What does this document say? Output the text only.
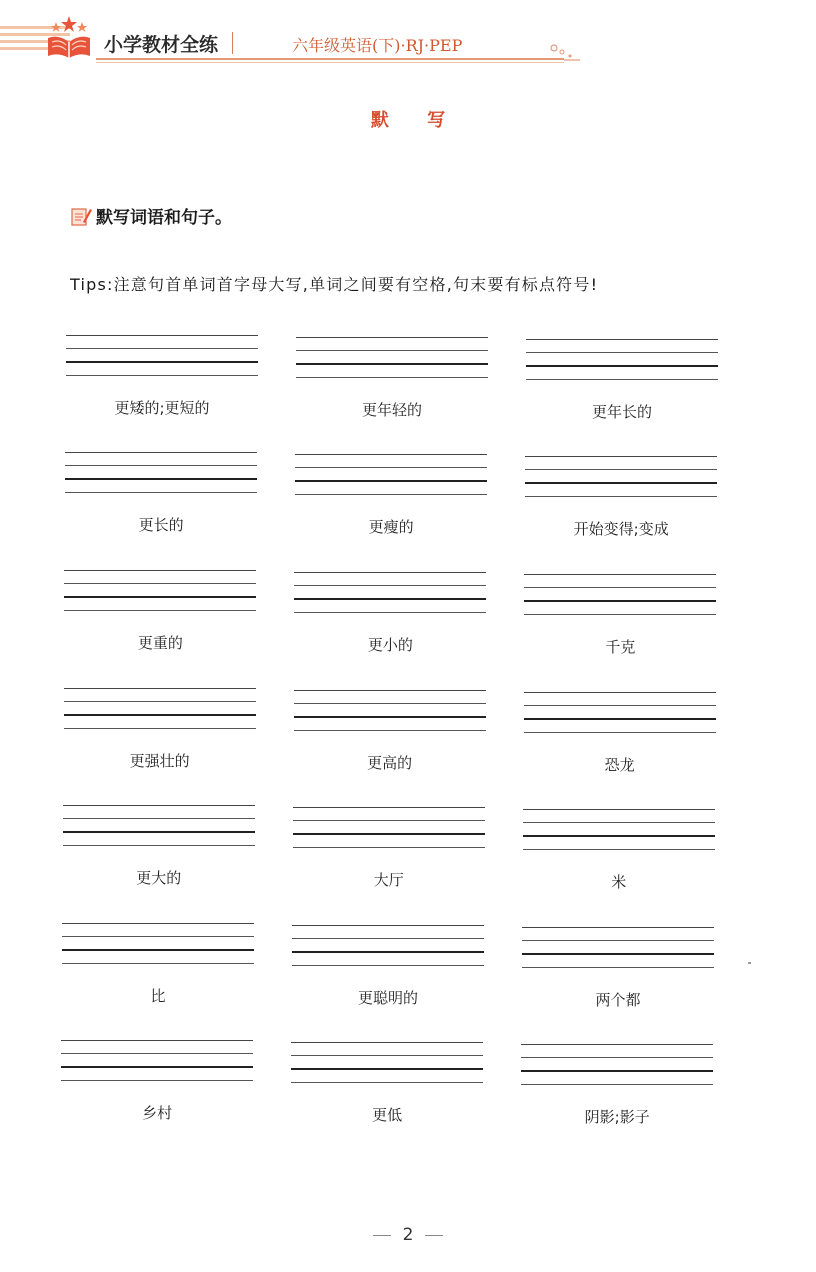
小学教材全练	六年级英语(下)·RJ·PEP
默 写
默写词语和句子。
Tips:注意句首单词首字母大写,单词之间要有空格,句末要有标点符号!
更矮的;更短的	更年轻的	更年长的
更长的	更瘦的	开始变得;变成
更重的	更小的	千克
更强壮的	更高的	恐龙
更大的	大厅	米
比	更聪明的	两个都
乡村	更低	阴影;影子
2
